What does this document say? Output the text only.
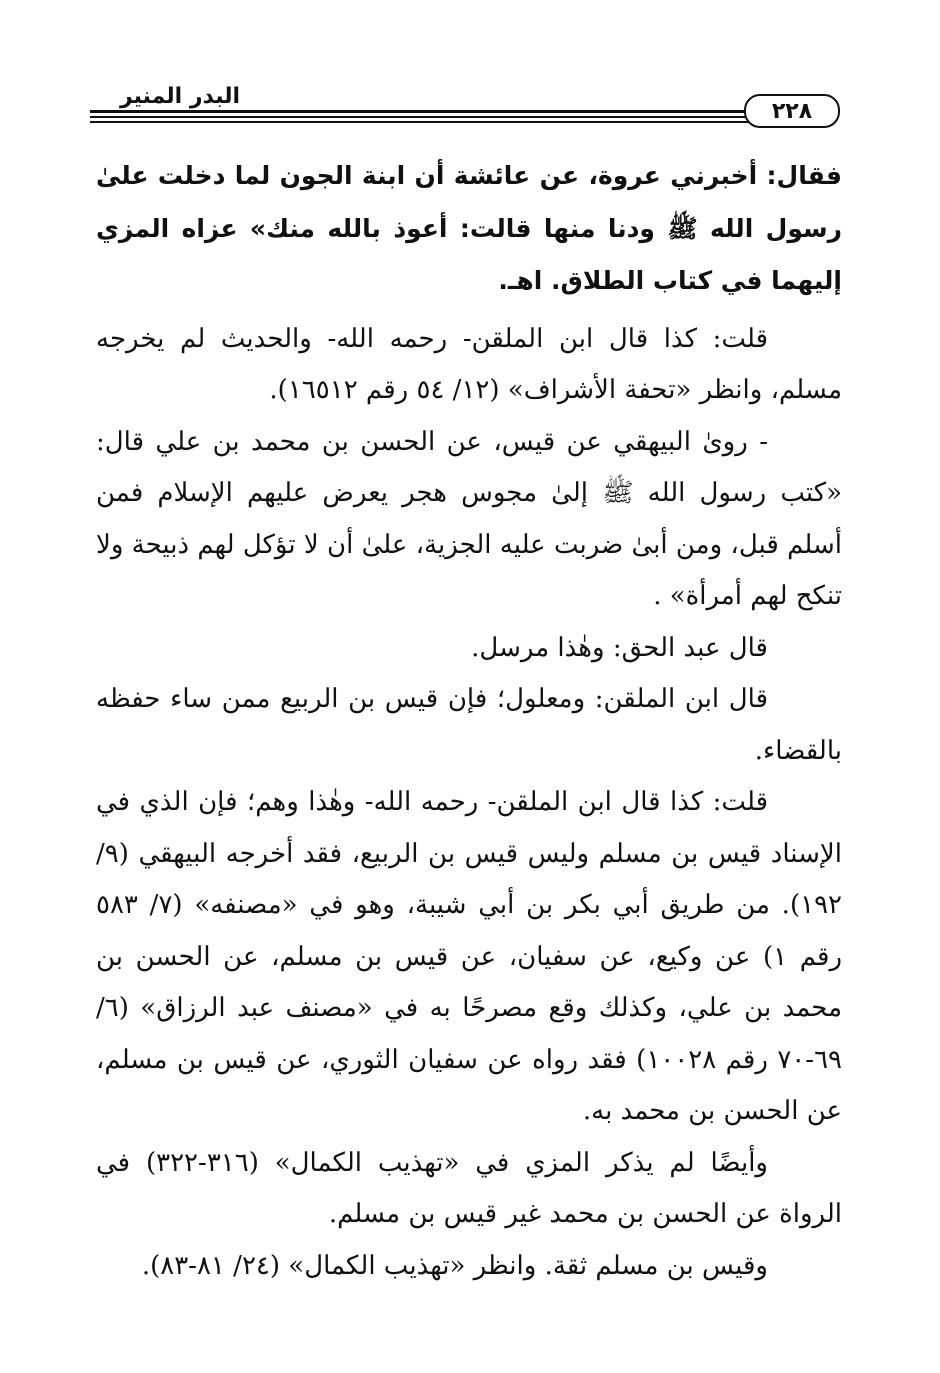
البدر المنير
٢٢٨

فقال: أخبرني عروة، عن عائشة أن ابنة الجون لما دخلت علىٰ رسول الله ﷺ ودنا منها قالت: أعوذ بالله منك» عزاه المزي إليهما في كتاب الطلاق. اهـ.

قلت: كذا قال ابن الملقن- رحمه الله- والحديث لم يخرجه مسلم، وانظر «تحفة الأشراف» (١٢/ ٥٤ رقم ١٦٥١٢).

- روىٰ البيهقي عن قيس، عن الحسن بن محمد بن علي قال: «كتب رسول الله ﷺ إلىٰ مجوس هجر يعرض عليهم الإسلام فمن أسلم قبل، ومن أبىٰ ضربت عليه الجزية، علىٰ أن لا تؤكل لهم ذبيحة ولا تنكح لهم أمرأة» .

قال عبد الحق: وهٰذا مرسل.

قال ابن الملقن: ومعلول؛ فإن قيس بن الربيع ممن ساء حفظه بالقضاء.

قلت: كذا قال ابن الملقن- رحمه الله- وهٰذا وهم؛ فإن الذي في الإسناد قيس بن مسلم وليس قيس بن الربيع، فقد أخرجه البيهقي (٩/ ١٩٢). من طريق أبي بكر بن أبي شيبة، وهو في «مصنفه» (٧/ ٥٨٣ رقم ١) عن وكيع، عن سفيان، عن قيس بن مسلم، عن الحسن بن محمد بن علي، وكذلك وقع مصرحًا به في «مصنف عبد الرزاق» (٦/ ٦٩-٧٠ رقم ١٠٠٢٨) فقد رواه عن سفيان الثوري، عن قيس بن مسلم، عن الحسن بن محمد به.

وأيضًا لم يذكر المزي في «تهذيب الكمال» (٣١٦-٣٢٢) في الرواة عن الحسن بن محمد غير قيس بن مسلم.

وقيس بن مسلم ثقة. وانظر «تهذيب الكمال» (٢٤/ ٨١-٨٣).
